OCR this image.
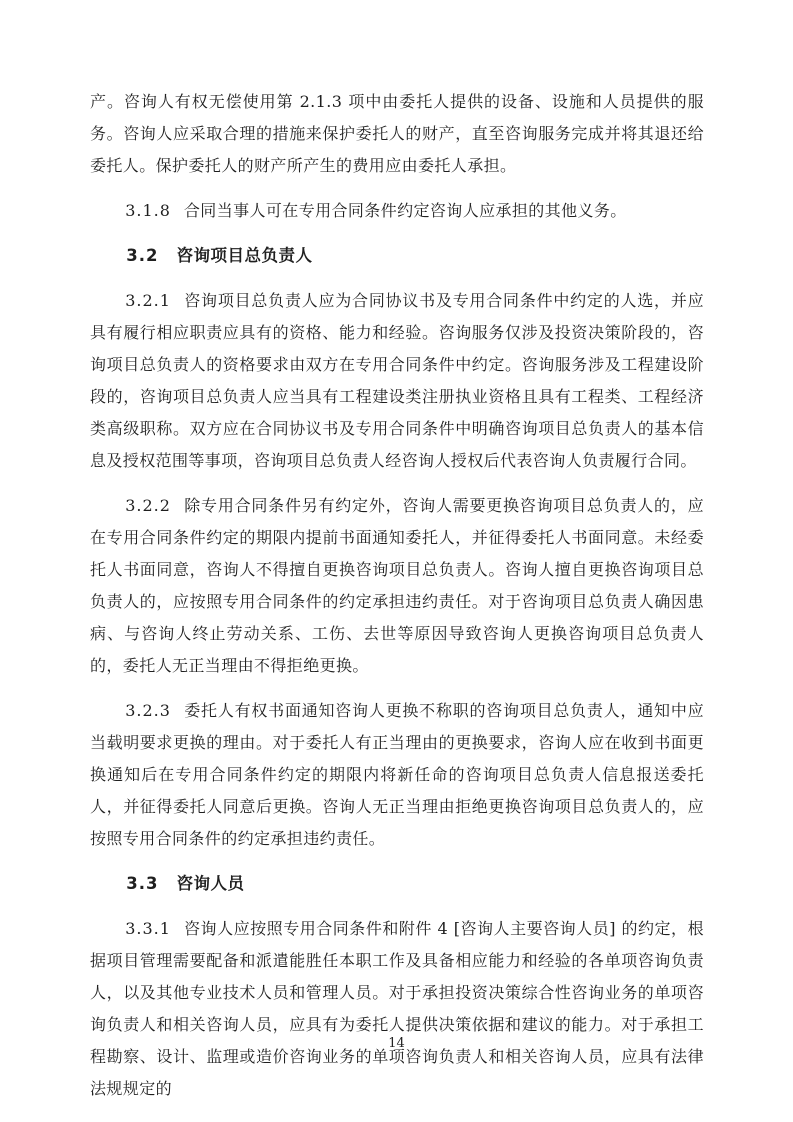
产。咨询人有权无偿使用第 2.1.3 项中由委托人提供的设备、设施和人员提供的服务。咨询人应采取合理的措施来保护委托人的财产，直至咨询服务完成并将其退还给委托人。保护委托人的财产所产生的费用应由委托人承担。

3.1.8 合同当事人可在专用合同条件约定咨询人应承担的其他义务。

3.2 咨询项目总负责人

3.2.1 咨询项目总负责人应为合同协议书及专用合同条件中约定的人选，并应具有履行相应职责应具有的资格、能力和经验。咨询服务仅涉及投资决策阶段的，咨询项目总负责人的资格要求由双方在专用合同条件中约定。咨询服务涉及工程建设阶段的，咨询项目总负责人应当具有工程建设类注册执业资格且具有工程类、工程经济类高级职称。双方应在合同协议书及专用合同条件中明确咨询项目总负责人的基本信息及授权范围等事项，咨询项目总负责人经咨询人授权后代表咨询人负责履行合同。

3.2.2 除专用合同条件另有约定外，咨询人需要更换咨询项目总负责人的，应在专用合同条件约定的期限内提前书面通知委托人，并征得委托人书面同意。未经委托人书面同意，咨询人不得擅自更换咨询项目总负责人。咨询人擅自更换咨询项目总负责人的，应按照专用合同条件的约定承担违约责任。对于咨询项目总负责人确因患病、与咨询人终止劳动关系、工伤、去世等原因导致咨询人更换咨询项目总负责人的，委托人无正当理由不得拒绝更换。

3.2.3 委托人有权书面通知咨询人更换不称职的咨询项目总负责人，通知中应当载明要求更换的理由。对于委托人有正当理由的更换要求，咨询人应在收到书面更换通知后在专用合同条件约定的期限内将新任命的咨询项目总负责人信息报送委托人，并征得委托人同意后更换。咨询人无正当理由拒绝更换咨询项目总负责人的，应按照专用合同条件的约定承担违约责任。

3.3 咨询人员

3.3.1 咨询人应按照专用合同条件和附件 4 [咨询人主要咨询人员] 的约定，根据项目管理需要配备和派遣能胜任本职工作及具备相应能力和经验的各单项咨询负责人，以及其他专业技术人员和管理人员。对于承担投资决策综合性咨询业务的单项咨询负责人和相关咨询人员，应具有为委托人提供决策依据和建议的能力。对于承担工程勘察、设计、监理或造价咨询业务的单项咨询负责人和相关咨询人员，应具有法律法规规定的

14
